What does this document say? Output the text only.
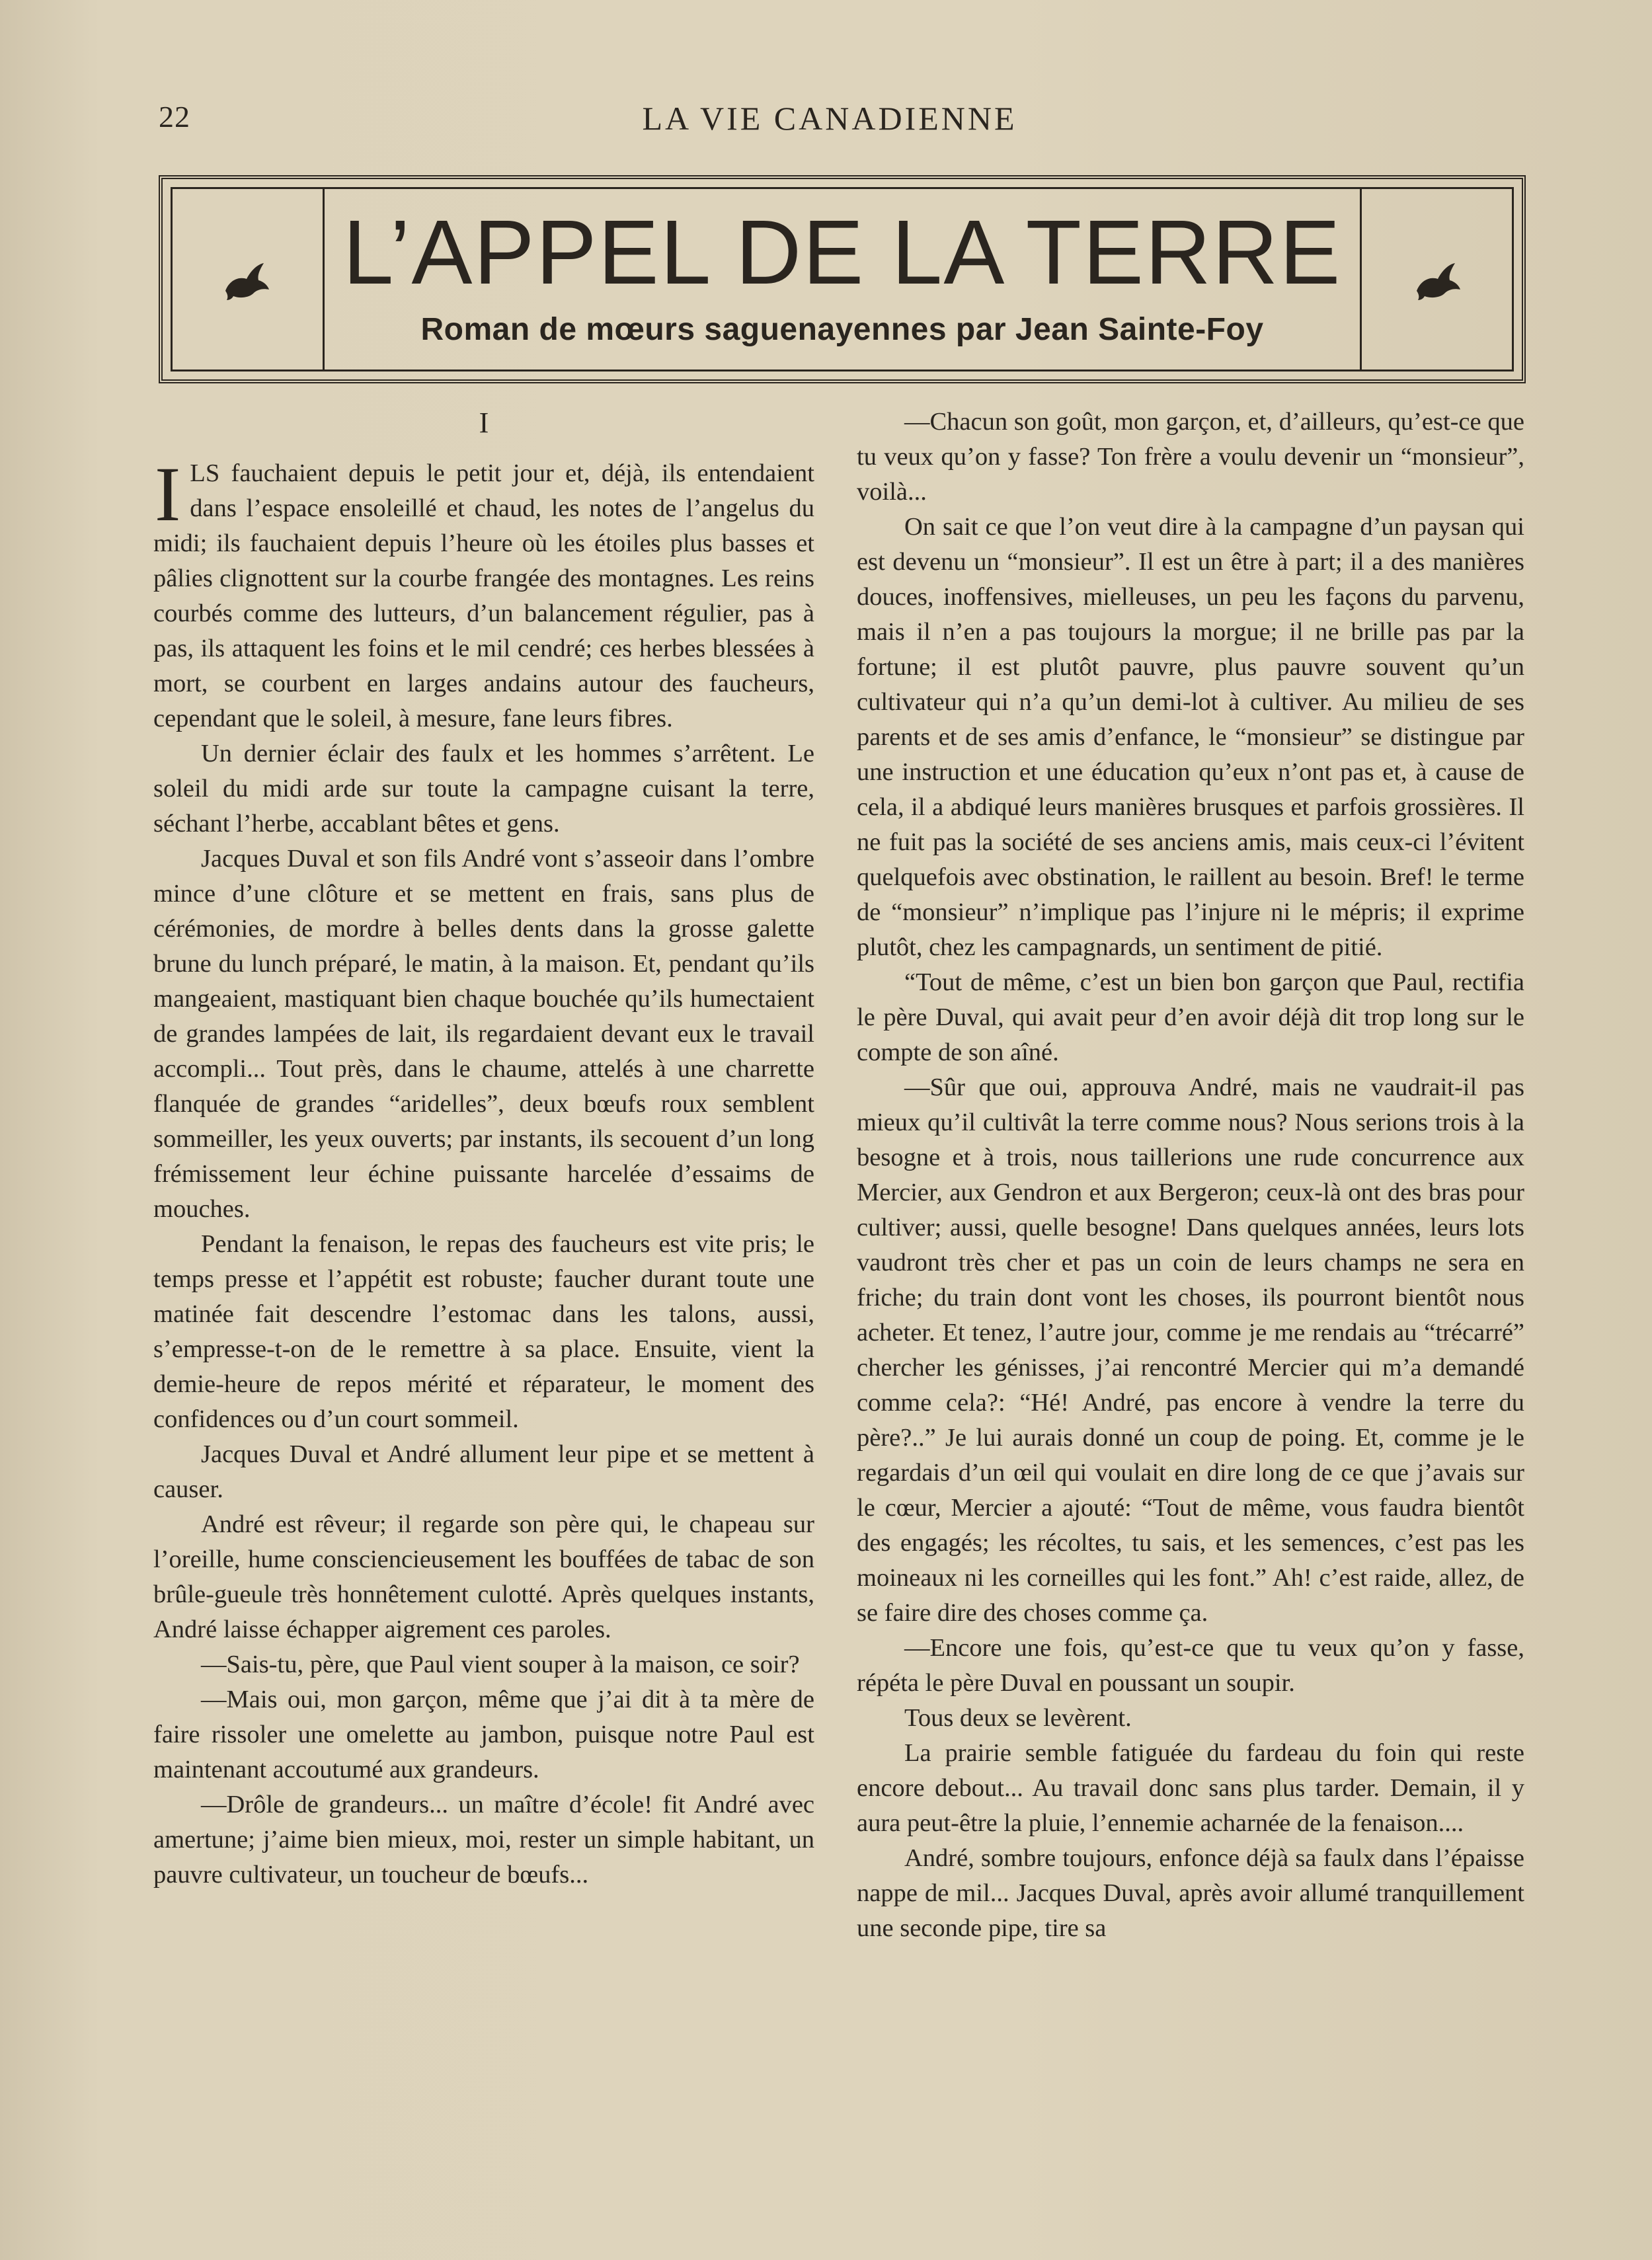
22	LA VIE CANADIENNE
L’APPEL DE LA TERRE
Roman de mœurs saguenayennes par Jean Sainte-Foy
I

ILS fauchaient depuis le petit jour et, déjà, ils entendaient dans l’espace ensoleillé et chaud, les notes de l’angelus du midi; ils fauchaient depuis l’heure où les étoiles plus basses et pâlies clignottent sur la courbe frangée des montagnes. Les reins courbés comme des lutteurs, d’un balancement régulier, pas à pas, ils attaquent les foins et le mil cendré; ces herbes blessées à mort, se courbent en larges andains autour des faucheurs, cependant que le soleil, à mesure, fane leurs fibres.

Un dernier éclair des faulx et les hommes s’arrêtent. Le soleil du midi arde sur toute la campagne cuisant la terre, séchant l’herbe, accablant bêtes et gens.

Jacques Duval et son fils André vont s’asseoir dans l’ombre mince d’une clôture et se mettent en frais, sans plus de cérémonies, de mordre à belles dents dans la grosse galette brune du lunch préparé, le matin, à la maison. Et, pendant qu’ils mangeaient, mastiquant bien chaque bouchée qu’ils humectaient de grandes lampées de lait, ils regardaient devant eux le travail accompli... Tout près, dans le chaume, attelés à une charrette flanquée de grandes “aridelles”, deux bœufs roux semblent sommeiller, les yeux ouverts; par instants, ils secouent d’un long frémissement leur échine puissante harcelée d’essaims de mouches.

Pendant la fenaison, le repas des faucheurs est vite pris; le temps presse et l’appétit est robuste; faucher durant toute une matinée fait descendre l’estomac dans les talons, aussi, s’empresse-t-on de le remettre à sa place. Ensuite, vient la demie-heure de repos mérité et réparateur, le moment des confidences ou d’un court sommeil.

Jacques Duval et André allument leur pipe et se mettent à causer.

André est rêveur; il regarde son père qui, le chapeau sur l’oreille, hume consciencieusement les bouffées de tabac de son brûle-gueule très honnêtement culotté. Après quelques instants, André laisse échapper aigrement ces paroles.

—Sais-tu, père, que Paul vient souper à la maison, ce soir?

—Mais oui, mon garçon, même que j’ai dit à ta mère de faire rissoler une omelette au jambon, puisque notre Paul est maintenant accoutumé aux grandeurs.

—Drôle de grandeurs... un maître d’école! fit André avec amertune; j’aime bien mieux, moi, rester un simple habitant, un pauvre cultivateur, un toucheur de bœufs...

—Chacun son goût, mon garçon, et, d’ailleurs, qu’est-ce que tu veux qu’on y fasse? Ton frère a voulu devenir un “monsieur”, voilà...

On sait ce que l’on veut dire à la campagne d’un paysan qui est devenu un “monsieur”. Il est un être à part; il a des manières douces, inoffensives, mielleuses, un peu les façons du parvenu, mais il n’en a pas toujours la morgue; il ne brille pas par la fortune; il est plutôt pauvre, plus pauvre souvent qu’un cultivateur qui n’a qu’un demi-lot à cultiver. Au milieu de ses parents et de ses amis d’enfance, le “monsieur” se distingue par une instruction et une éducation qu’eux n’ont pas et, à cause de cela, il a abdiqué leurs manières brusques et parfois grossières. Il ne fuit pas la société de ses anciens amis, mais ceux-ci l’évitent quelquefois avec obstination, le raillent au besoin. Bref! le terme de “monsieur” n’implique pas l’injure ni le mépris; il exprime plutôt, chez les campagnards, un sentiment de pitié.

“Tout de même, c’est un bien bon garçon que Paul, rectifia le père Duval, qui avait peur d’en avoir déjà dit trop long sur le compte de son aîné.

—Sûr que oui, approuva André, mais ne vaudrait-il pas mieux qu’il cultivât la terre comme nous? Nous serions trois à la besogne et à trois, nous taillerions une rude concurrence aux Mercier, aux Gendron et aux Bergeron; ceux-là ont des bras pour cultiver; aussi, quelle besogne! Dans quelques années, leurs lots vaudront très cher et pas un coin de leurs champs ne sera en friche; du train dont vont les choses, ils pourront bientôt nous acheter. Et tenez, l’autre jour, comme je me rendais au “trécarré” chercher les génisses, j’ai rencontré Mercier qui m’a demandé comme cela?: “Hé! André, pas encore à vendre la terre du père?..” Je lui aurais donné un coup de poing. Et, comme je le regardais d’un œil qui voulait en dire long de ce que j’avais sur le cœur, Mercier a ajouté: “Tout de même, vous faudra bientôt des engagés; les récoltes, tu sais, et les semences, c’est pas les moineaux ni les corneilles qui les font.” Ah! c’est raide, allez, de se faire dire des choses comme ça.

—Encore une fois, qu’est-ce que tu veux qu’on y fasse, répéta le père Duval en poussant un soupir.

Tous deux se levèrent.

La prairie semble fatiguée du fardeau du foin qui reste encore debout... Au travail donc sans plus tarder. Demain, il y aura peut-être la pluie, l’ennemie acharnée de la fenaison....

André, sombre toujours, enfonce déjà sa faulx dans l’épaisse nappe de mil... Jacques Duval, après avoir allumé tranquillement une seconde pipe, tire sa
